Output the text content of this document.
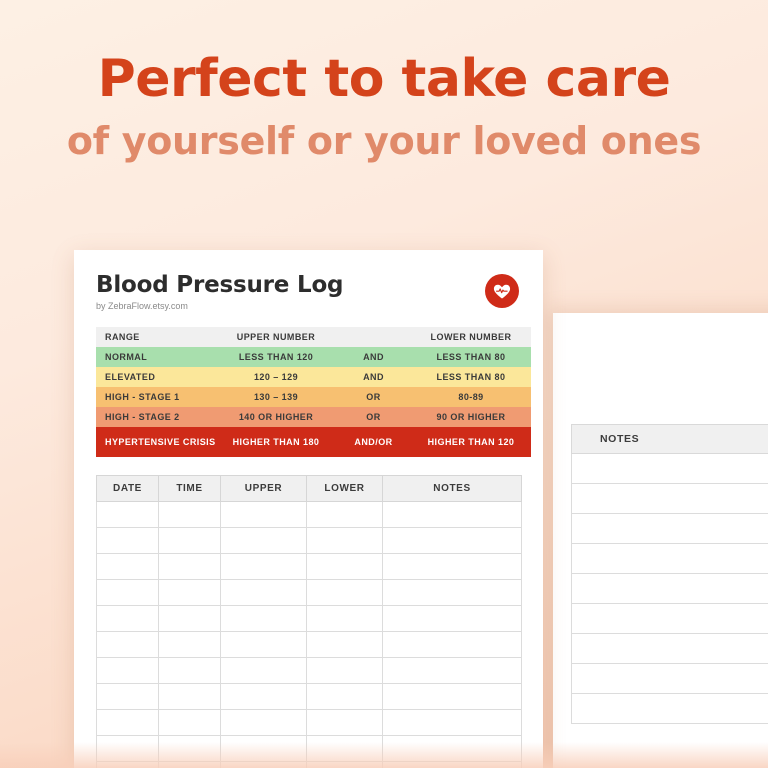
Perfect to take care
of yourself or your loved ones
NOTES
Blood Pressure Log
by ZebraFlow.etsy.com
RANGE	UPPER NUMBER		LOWER NUMBER
NORMAL	LESS THAN 120	AND	LESS THAN 80
ELEVATED	120 – 129	AND	LESS THAN 80
HIGH - STAGE 1	130 – 139	OR	80-89
HIGH - STAGE 2	140 OR HIGHER	OR	90 OR HIGHER
HYPERTENSIVE CRISIS	HIGHER THAN 180	AND/OR	HIGHER THAN 120
DATE	TIME	UPPER	LOWER	NOTES
